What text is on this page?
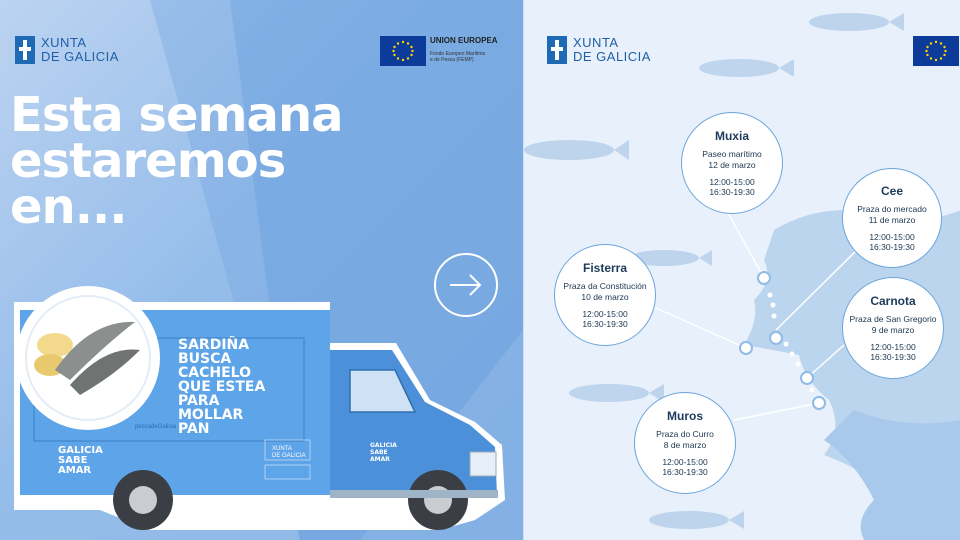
XUNTA
DE GALICIA
UNION EUROPEA
Fondo Europeo Marítimo
e de Pesca (FEMP)
Esta semana
estaremos
en...
SARDIÑA
BUSCA
CACHELO
QUE ESTEA
PARA
MOLLAR
PAN
GALICIA
SABE
AMAR
GALICIA
SABE
AMAR
pescadeGalicia
XUNTA
DE GALICIA
XUNTA
DE GALICIA
Muxia
Paseo marítimo
12 de marzo
12:00-15:00
16:30-19:30	Cee
Praza do mercado
11 de marzo
12:00-15:00
16:30-19:30
Fisterra
Praza da Constitución
10 de marzo
12:00-15:00
16:30-19:30
Carnota
Praza de San Gregorio
9 de marzo
12:00-15:00
16:30-19:30
Muros
Praza do Curro
8 de marzo
12:00-15:00
16:30-19:30
